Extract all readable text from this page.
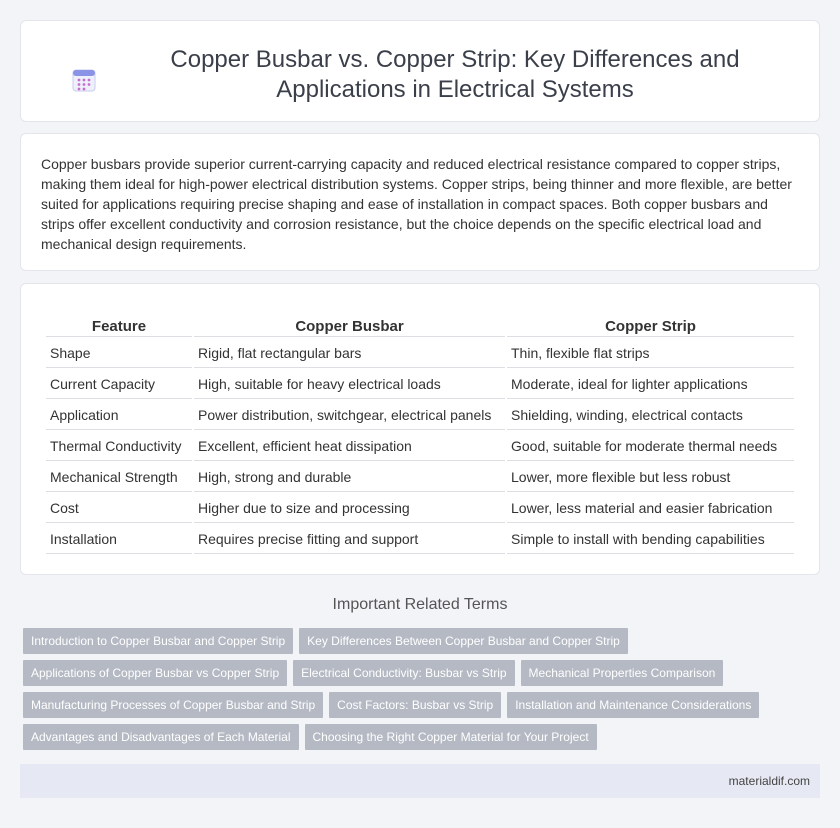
Copper Busbar vs. Copper Strip: Key Differences and Applications in Electrical Systems

Copper busbars provide superior current-carrying capacity and reduced electrical resistance compared to copper strips, making them ideal for high-power electrical distribution systems. Copper strips, being thinner and more flexible, are better suited for applications requiring precise shaping and ease of installation in compact spaces. Both copper busbars and strips offer excellent conductivity and corrosion resistance, but the choice depends on the specific electrical load and mechanical design requirements.

Feature	Copper Busbar	Copper Strip
Shape	Rigid, flat rectangular bars	Thin, flexible flat strips
Current Capacity	High, suitable for heavy electrical loads	Moderate, ideal for lighter applications
Application	Power distribution, switchgear, electrical panels	Shielding, winding, electrical contacts
Thermal Conductivity	Excellent, efficient heat dissipation	Good, suitable for moderate thermal needs
Mechanical Strength	High, strong and durable	Lower, more flexible but less robust
Cost	Higher due to size and processing	Lower, less material and easier fabrication
Installation	Requires precise fitting and support	Simple to install with bending capabilities
Important Related Terms
Introduction to Copper Busbar and Copper Strip Key Differences Between Copper Busbar and Copper Strip
Applications of Copper Busbar vs Copper Strip Electrical Conductivity: Busbar vs Strip Mechanical Properties Comparison
Manufacturing Processes of Copper Busbar and Strip Cost Factors: Busbar vs Strip Installation and Maintenance Considerations
Advantages and Disadvantages of Each Material Choosing the Right Copper Material for Your Project
materialdif.com
